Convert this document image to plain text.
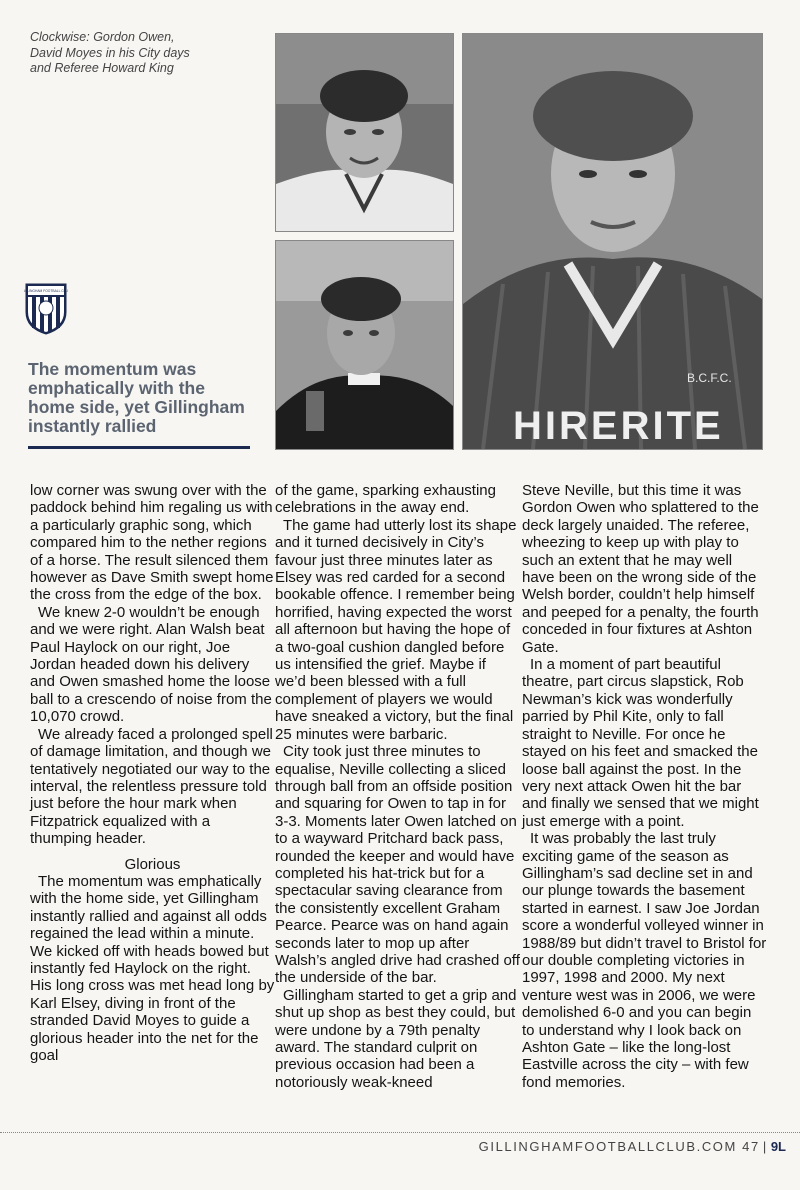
Clockwise: Gordon Owen,
David Moyes in his City days
and Referee Howard King
B.C.F.C.
HIRERITE
GILLINGHAM FOOTBALL CLUB
The momentum was emphatically with the home side, yet Gillingham instantly rallied

low corner was swung over with the paddock behind him regaling us with a particularly graphic song, which compared him to the nether regions of a horse. The result silenced them however as Dave Smith swept home the cross from the edge of the box.

We knew 2-0 wouldn’t be enough and we were right. Alan Walsh beat Paul Haylock on our right, Joe Jordan headed down his delivery and Owen smashed home the loose ball to a crescendo of noise from the 10,070 crowd.

We already faced a prolonged spell of damage limitation, and though we tentatively negotiated our way to the interval, the relentless pressure told just before the hour mark when Fitzpatrick equalized with a thumping header.

Glorious

The momentum was emphatically with the home side, yet Gillingham instantly rallied and against all odds regained the lead within a minute. We kicked off with heads bowed but instantly fed Haylock on the right. His long cross was met head long by Karl Elsey, diving in front of the stranded David Moyes to guide a glorious header into the net for the goal

of the game, sparking exhausting celebrations in the away end.

The game had utterly lost its shape and it turned decisively in City’s favour just three minutes later as Elsey was red carded for a second bookable offence. I remember being horrified, having expected the worst all afternoon but having the hope of a two-goal cushion dangled before us intensified the grief. Maybe if we’d been blessed with a full complement of players we would have sneaked a victory, but the final 25 minutes were barbaric.

City took just three minutes to equalise, Neville collecting a sliced through ball from an offside position and squaring for Owen to tap in for 3-3. Moments later Owen latched on to a wayward Pritchard back pass, rounded the keeper and would have completed his hat-trick but for a spectacular saving clearance from the consistently excellent Graham Pearce. Pearce was on hand again seconds later to mop up after Walsh’s angled drive had crashed off the underside of the bar.

Gillingham started to get a grip and shut up shop as best they could, but were undone by a 79th penalty award. The standard culprit on previous occasion had been a notoriously weak-kneed

Steve Neville, but this time it was Gordon Owen who splattered to the deck largely unaided. The referee, wheezing to keep up with play to such an extent that he may well have been on the wrong side of the Welsh border, couldn’t help himself and peeped for a penalty, the fourth conceded in four fixtures at Ashton Gate.

In a moment of part beautiful theatre, part circus slapstick, Rob Newman’s kick was wonderfully parried by Phil Kite, only to fall straight to Neville. For once he stayed on his feet and smacked the loose ball against the post. In the very next attack Owen hit the bar and finally we sensed that we might just emerge with a point.

It was probably the last truly exciting game of the season as Gillingham’s sad decline set in and our plunge towards the basement started in earnest. I saw Joe Jordan score a wonderful volleyed winner in 1988/89 but didn’t travel to Bristol for our double completing victories in 1997, 1998 and 2000. My next venture west was in 2006, we were demolished 6-0 and you can begin to understand why I look back on Ashton Gate – like the long-lost Eastville across the city – with few fond memories.

GILLINGHAMFOOTBALLCLUB.COM 47 | 9L
